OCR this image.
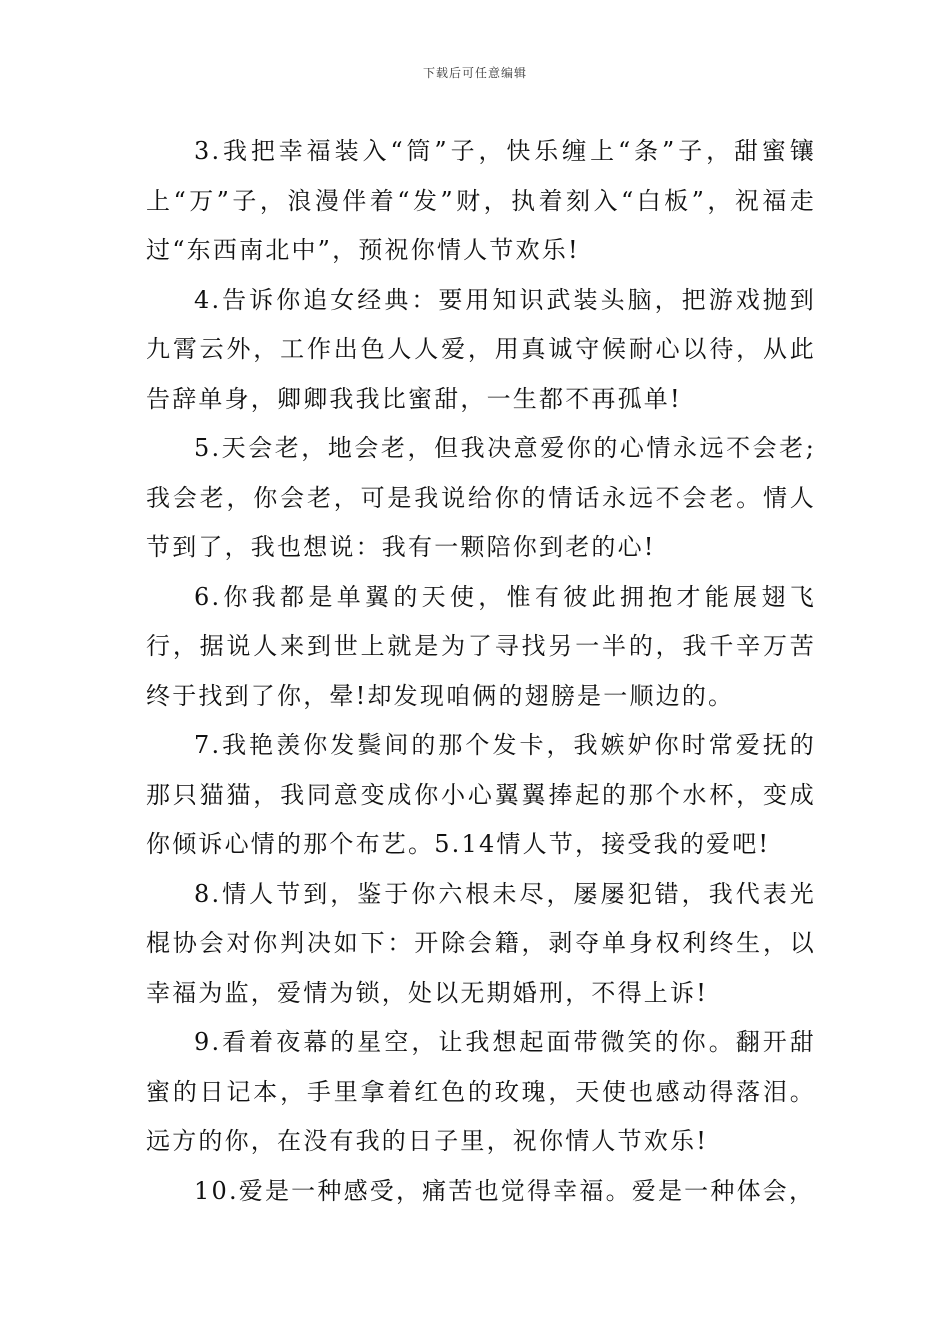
下载后可任意编辑

3.我把幸福装入“筒”子，快乐缠上“条”子，甜蜜镶上“万”子，浪漫伴着“发”财，执着刻入“白板”，祝福走过“东西南北中”，预祝你情人节欢乐!

4.告诉你追女经典：要用知识武装头脑，把游戏抛到九霄云外，工作出色人人爱，用真诚守候耐心以待，从此告辞单身，卿卿我我比蜜甜，一生都不再孤单!

5.天会老，地会老，但我决意爱你的心情永远不会老;我会老，你会老，可是我说给你的情话永远不会老。情人节到了，我也想说：我有一颗陪你到老的心!

6.你我都是单翼的天使，惟有彼此拥抱才能展翅飞行，据说人来到世上就是为了寻找另一半的，我千辛万苦终于找到了你，晕!却发现咱俩的翅膀是一顺边的。

7.我艳羡你发鬓间的那个发卡，我嫉妒你时常爱抚的那只猫猫，我同意变成你小心翼翼捧起的那个水杯，变成你倾诉心情的那个布艺。5.14情人节，接受我的爱吧!

8.情人节到，鉴于你六根未尽，屡屡犯错，我代表光棍协会对你判决如下：开除会籍，剥夺单身权利终生，以幸福为监，爱情为锁，处以无期婚刑，不得上诉!

9.看着夜幕的星空，让我想起面带微笑的你。翻开甜蜜的日记本，手里拿着红色的玫瑰，天使也感动得落泪。远方的你，在没有我的日子里，祝你情人节欢乐!

10.爱是一种感受，痛苦也觉得幸福。爱是一种体会，
